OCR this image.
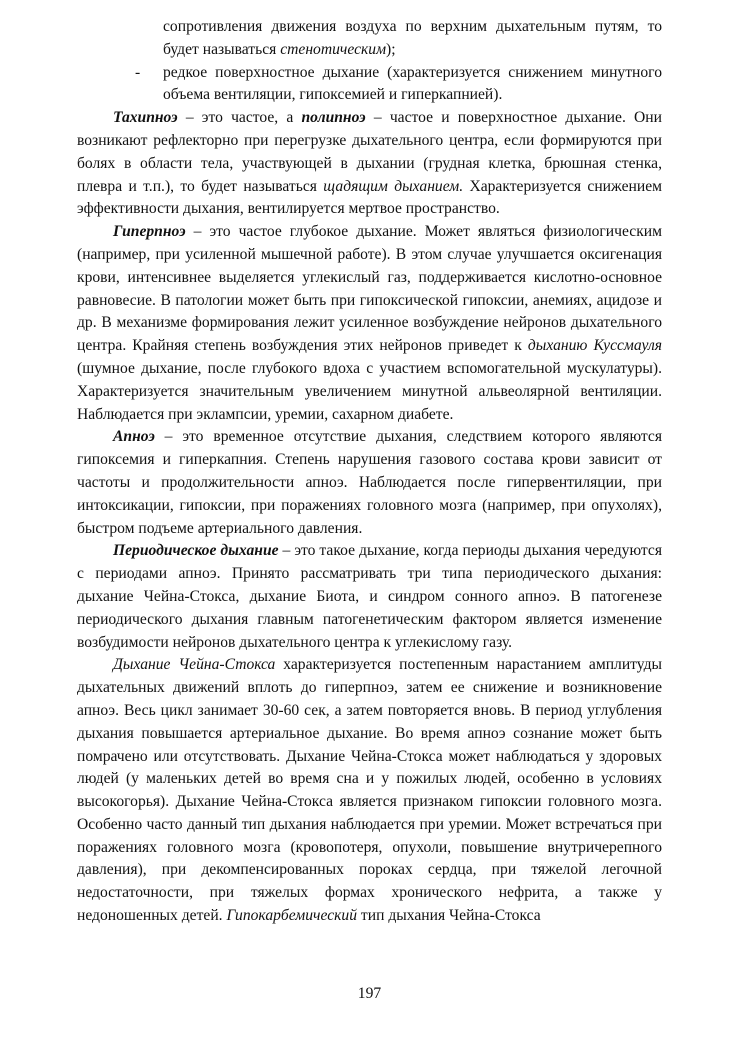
сопротивления движения воздуха по верхним дыхательным путям, то будет называться стенотическим);

- редкое поверхностное дыхание (характеризуется снижением минутного объема вентиляции, гипоксемией и гиперкапнией).

Тахипноэ – это частое, а полипноэ – частое и поверхностное дыхание. Они возникают рефлекторно при перегрузке дыхательного центра, если формируются при болях в области тела, участвующей в дыхании (грудная клетка, брюшная стенка, плевра и т.п.), то будет называться щадящим дыханием. Характеризуется снижением эффективности дыхания, вентилируется мертвое пространство.

Гиперпноэ – это частое глубокое дыхание. Может являться физиологическим (например, при усиленной мышечной работе). В этом случае улучшается оксигенация крови, интенсивнее выделяется углекислый газ, поддерживается кислотно-основное равновесие. В патологии может быть при гипоксической гипоксии, анемиях, ацидозе и др. В механизме формирования лежит усиленное возбуждение нейронов дыхательного центра. Крайняя степень возбуждения этих нейронов приведет к дыханию Куссмауля (шумное дыхание, после глубокого вдоха с участием вспомогательной мускулатуры). Характеризуется значительным увеличением минутной альвеолярной вентиляции. Наблюдается при эклампсии, уремии, сахарном диабете.

Апноэ – это временное отсутствие дыхания, следствием которого являются гипоксемия и гиперкапния. Степень нарушения газового состава крови зависит от частоты и продолжительности апноэ. Наблюдается после гипервентиляции, при интоксикации, гипоксии, при поражениях головного мозга (например, при опухолях), быстром подъеме артериального давления.

Периодическое дыхание – это такое дыхание, когда периоды дыхания чередуются с периодами апноэ. Принято рассматривать три типа периодического дыхания: дыхание Чейна-Стокса, дыхание Биота, и синдром сонного апноэ. В патогенезе периодического дыхания главным патогенетическим фактором является изменение возбудимости нейронов дыхательного центра к углекислому газу.

Дыхание Чейна-Стокса характеризуется постепенным нарастанием амплитуды дыхательных движений вплоть до гиперпноэ, затем ее снижение и возникновение апноэ. Весь цикл занимает 30-60 сек, а затем повторяется вновь. В период углубления дыхания повышается артериальное дыхание. Во время апноэ сознание может быть помрачено или отсутствовать. Дыхание Чейна-Стокса может наблюдаться у здоровых людей (у маленьких детей во время сна и у пожилых людей, особенно в условиях высокогорья). Дыхание Чейна-Стокса является признаком гипоксии головного мозга. Особенно часто данный тип дыхания наблюдается при уремии. Может встречаться при поражениях головного мозга (кровопотеря, опухоли, повышение внутричерепного давления), при декомпенсированных пороках сердца, при тяжелой легочной недостаточности, при тяжелых формах хронического нефрита, а также у недоношенных детей. Гипокарбемический тип дыхания Чейна-Стокса

197
